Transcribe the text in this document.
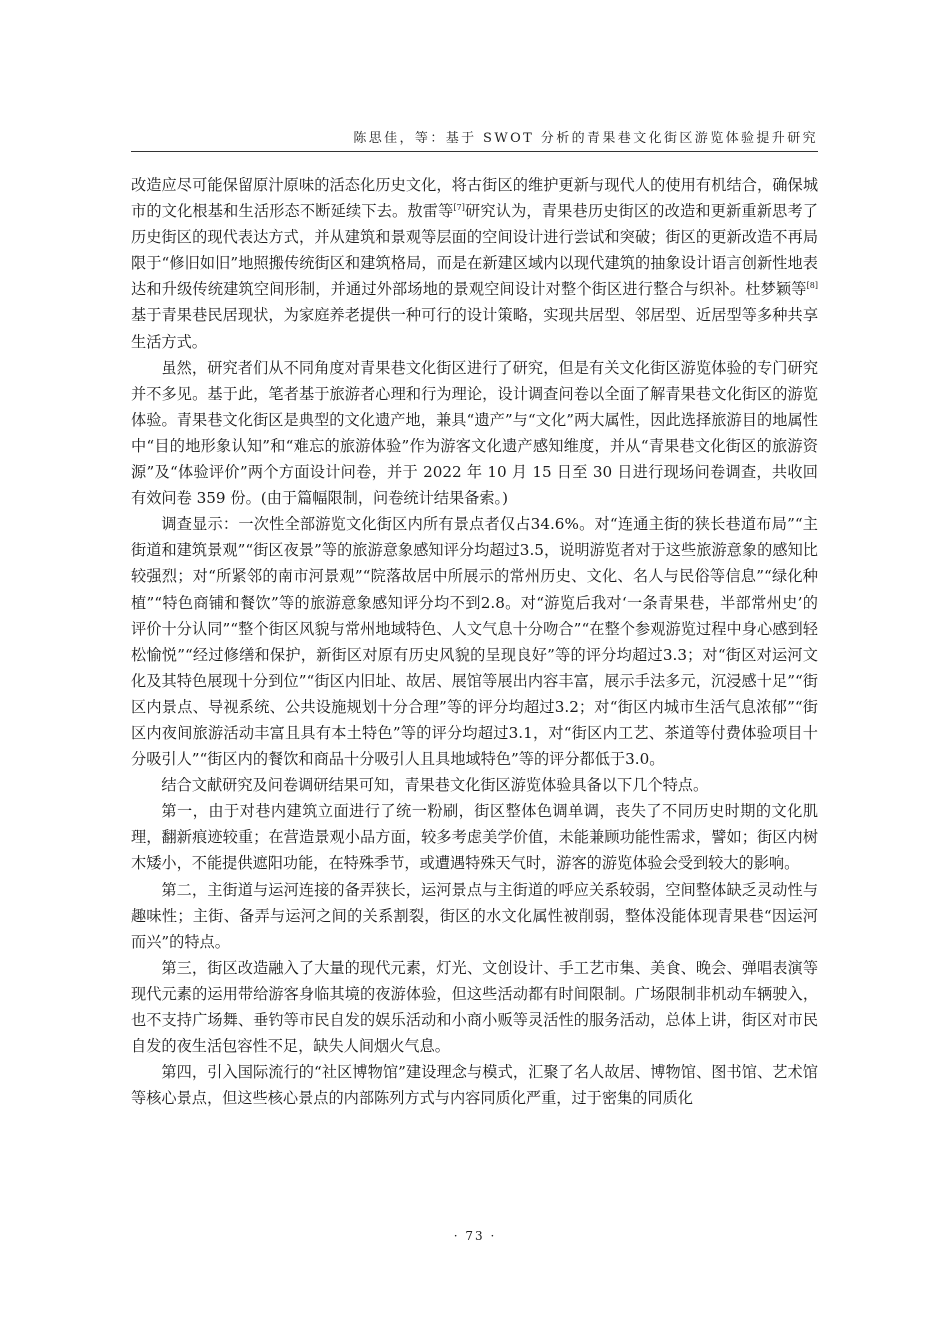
陈思佳，等：基于 SWOT 分析的青果巷文化街区游览体验提升研究

改造应尽可能保留原汁原味的活态化历史文化，将古街区的维护更新与现代人的使用有机结合，确保城市的文化根基和生活形态不断延续下去。敖雷等[7]研究认为，青果巷历史街区的改造和更新重新思考了历史街区的现代表达方式，并从建筑和景观等层面的空间设计进行尝试和突破；街区的更新改造不再局限于“修旧如旧”地照搬传统街区和建筑格局，而是在新建区域内以现代建筑的抽象设计语言创新性地表达和升级传统建筑空间形制，并通过外部场地的景观空间设计对整个街区进行整合与织补。杜梦颖等[8]基于青果巷民居现状，为家庭养老提供一种可行的设计策略，实现共居型、邻居型、近居型等多种共享生活方式。

虽然，研究者们从不同角度对青果巷文化街区进行了研究，但是有关文化街区游览体验的专门研究并不多见。基于此，笔者基于旅游者心理和行为理论，设计调查问卷以全面了解青果巷文化街区的游览体验。青果巷文化街区是典型的文化遗产地，兼具“遗产”与“文化”两大属性，因此选择旅游目的地属性中“目的地形象认知”和“难忘的旅游体验”作为游客文化遗产感知维度，并从“青果巷文化街区的旅游资源”及“体验评价”两个方面设计问卷，并于 2022 年 10 月 15 日至 30 日进行现场问卷调查，共收回有效问卷 359 份。(由于篇幅限制，问卷统计结果备索。)

调查显示：一次性全部游览文化街区内所有景点者仅占34.6%。对“连通主街的狭长巷道布局”“主街道和建筑景观”“街区夜景”等的旅游意象感知评分均超过3.5，说明游览者对于这些旅游意象的感知比较强烈；对“所紧邻的南市河景观”“院落故居中所展示的常州历史、文化、名人与民俗等信息”“绿化种植”“特色商铺和餐饮”等的旅游意象感知评分均不到2.8。对“游览后我对‘一条青果巷，半部常州史’的评价十分认同”“整个街区风貌与常州地域特色、人文气息十分吻合”“在整个参观游览过程中身心感到轻松愉悦”“经过修缮和保护，新街区对原有历史风貌的呈现良好”等的评分均超过3.3；对“街区对运河文化及其特色展现十分到位”“街区内旧址、故居、展馆等展出内容丰富，展示手法多元，沉浸感十足”“街区内景点、导视系统、公共设施规划十分合理”等的评分均超过3.2；对“街区内城市生活气息浓郁”“街区内夜间旅游活动丰富且具有本土特色”等的评分均超过3.1，对“街区内工艺、茶道等付费体验项目十分吸引人”“街区内的餐饮和商品十分吸引人且具地域特色”等的评分都低于3.0。

结合文献研究及问卷调研结果可知，青果巷文化街区游览体验具备以下几个特点。

第一，由于对巷内建筑立面进行了统一粉刷，街区整体色调单调，丧失了不同历史时期的文化肌理，翻新痕迹较重；在营造景观小品方面，较多考虑美学价值，未能兼顾功能性需求，譬如；街区内树木矮小，不能提供遮阳功能，在特殊季节，或遭遇特殊天气时，游客的游览体验会受到较大的影响。

第二，主街道与运河连接的备弄狭长，运河景点与主街道的呼应关系较弱，空间整体缺乏灵动性与趣味性；主街、备弄与运河之间的关系割裂，街区的水文化属性被削弱，整体没能体现青果巷“因运河而兴”的特点。

第三，街区改造融入了大量的现代元素，灯光、文创设计、手工艺市集、美食、晚会、弹唱表演等现代元素的运用带给游客身临其境的夜游体验，但这些活动都有时间限制。广场限制非机动车辆驶入，也不支持广场舞、垂钓等市民自发的娱乐活动和小商小贩等灵活性的服务活动，总体上讲，街区对市民自发的夜生活包容性不足，缺失人间烟火气息。

第四，引入国际流行的“社区博物馆”建设理念与模式，汇聚了名人故居、博物馆、图书馆、艺术馆等核心景点，但这些核心景点的内部陈列方式与内容同质化严重，过于密集的同质化

· 73 ·
